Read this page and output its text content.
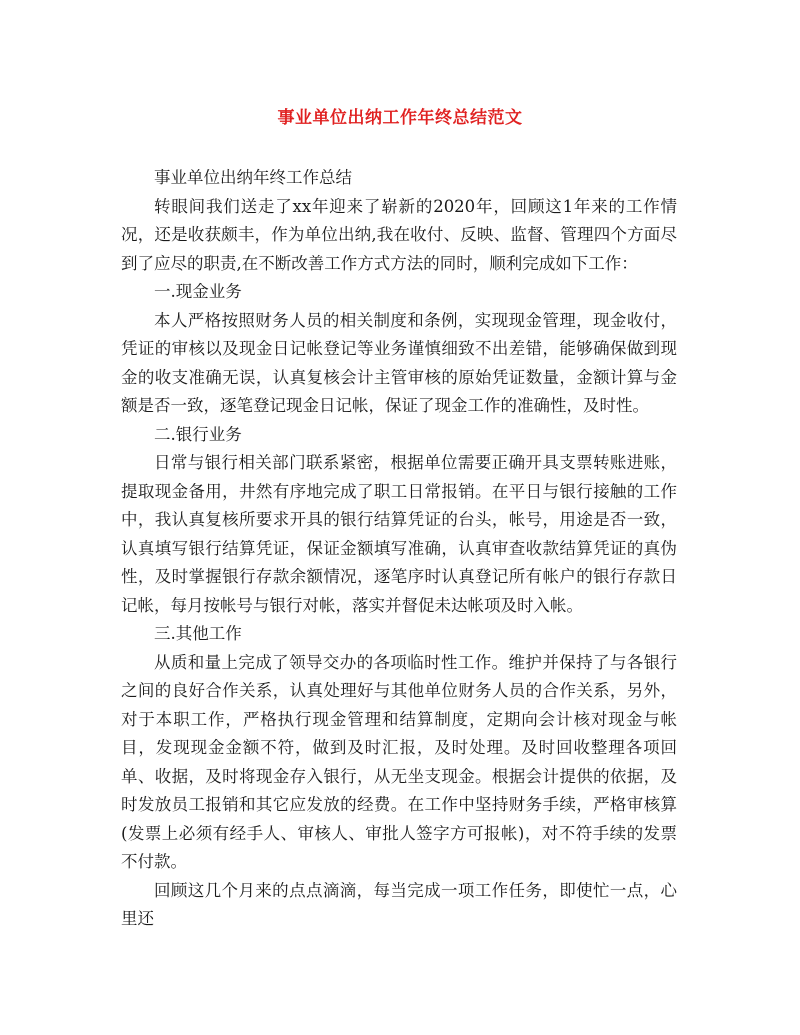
事业单位出纳工作年终总结范文

事业单位出纳年终工作总结

转眼间我们送走了xx年迎来了崭新的2020年，回顾这1年来的工作情况，还是收获颇丰，作为单位出纳,我在收付、反映、监督、管理四个方面尽到了应尽的职责,在不断改善工作方式方法的同时，顺利完成如下工作：

一.现金业务

本人严格按照财务人员的相关制度和条例，实现现金管理，现金收付，凭证的审核以及现金日记帐登记等业务谨慎细致不出差错，能够确保做到现金的收支准确无误，认真复核会计主管审核的原始凭证数量，金额计算与金额是否一致，逐笔登记现金日记帐，保证了现金工作的准确性，及时性。

二.银行业务

日常与银行相关部门联系紧密，根据单位需要正确开具支票转账进账，提取现金备用，井然有序地完成了职工日常报销。在平日与银行接触的工作中，我认真复核所要求开具的银行结算凭证的台头，帐号，用途是否一致，认真填写银行结算凭证，保证金额填写准确，认真审查收款结算凭证的真伪性，及时掌握银行存款余额情况，逐笔序时认真登记所有帐户的银行存款日记帐，每月按帐号与银行对帐，落实并督促未达帐项及时入帐。

三.其他工作

从质和量上完成了领导交办的各项临时性工作。维护并保持了与各银行之间的良好合作关系，认真处理好与其他单位财务人员的合作关系，另外，对于本职工作，严格执行现金管理和结算制度，定期向会计核对现金与帐目，发现现金金额不符，做到及时汇报，及时处理。及时回收整理各项回单、收据，及时将现金存入银行，从无坐支现金。根据会计提供的依据，及时发放员工报销和其它应发放的经费。在工作中坚持财务手续，严格审核算(发票上必须有经手人、审核人、审批人签字方可报帐)，对不符手续的发票不付款。

回顾这几个月来的点点滴滴，每当完成一项工作任务，即使忙一点，心里还
